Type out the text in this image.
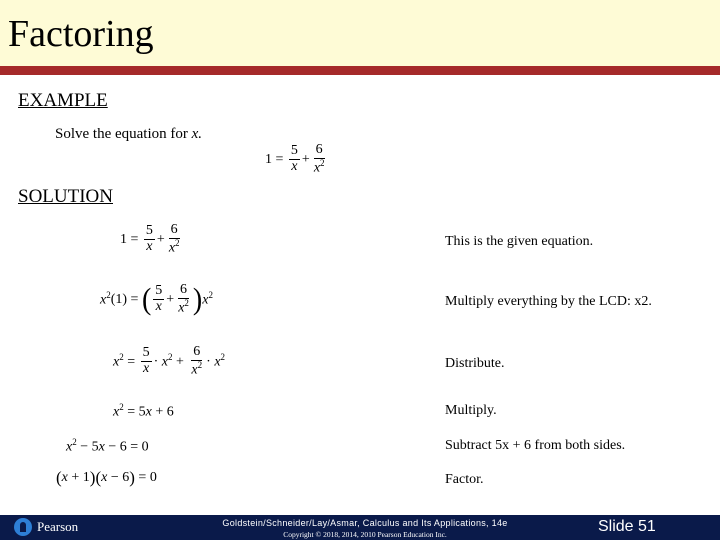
Factoring
EXAMPLE
Solve the equation for x.
$1 = \frac{5}{x} + \frac{6}{x^2}$
SOLUTION
$1 = \frac{5}{x} + \frac{6}{x^2}$	This is the given equation.
$x^2$ (1) = ( $\frac{5}{x} + \frac{6}{x^2}$ ) $x^2$	Multiply everything by the LCD: x2.
$x^2 = \frac{5}{x} \cdot x^2 + \frac{6}{x^2} \cdot x^2$	Distribute.
$x^2 = 5x + 6$	Multiply.
$x^2 - 5x - 6 = 0$	Subtract 5x + 6 from both sides.
( x + 1 )( x − 6 ) = 0	Factor.
Pearson	Goldstein/Schneider/Lay/Asmar, Calculus and Its Applications, 14e
Copyright © 2018, 2014, 2010 Pearson Education Inc.	Slide 51
